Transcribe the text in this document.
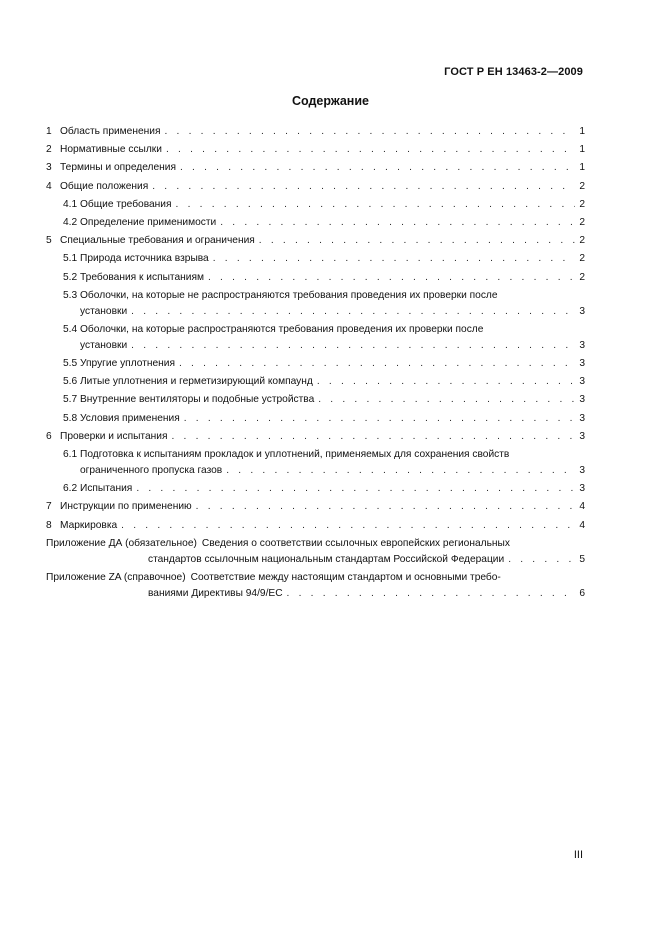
ГОСТ Р ЕН 13463-2—2009
Содержание
1 Область применения . . .	1
2 Нормативные ссылки . . .	1
3 Термины и определения . . .	1
4 Общие положения . . .	2
4.1 Общие требования . . .	2
4.2 Определение применимости . . .	2
5 Специальные требования и ограничения . . .	2
5.1 Природа источника взрыва . . .	2
5.2 Требования к испытаниям . . .	2
5.3 Оболочки, на которые не распространяются требования проведения их проверки после
установки . . .	3
5.4 Оболочки, на которые распространяются требования проведения их проверки после
установки . . .	3
5.5 Упругие уплотнения . . .	3
5.6 Литые уплотнения и герметизирующий компаунд . . .	3
5.7 Внутренние вентиляторы и подобные устройства . . .	3
5.8 Условия применения . . .	3
6 Проверки и испытания . . .	3
6.1 Подготовка к испытаниям прокладок и уплотнений, применяемых для сохранения свойств
ограниченного пропуска газов . . .	3
6.2 Испытания . . .	3
7 Инструкции по применению . . .	4
8 Маркировка . . .	4
Приложение ДА (обязательное) Сведения о соответствии ссылочных европейских региональных
стандартов ссылочным национальным стандартам Российской Федерации . . .	5
Приложение ZA (справочное) Соответствие между настоящим стандартом и основными требо-
ваниями Директивы 94/9/ЕС . . .	6
III
